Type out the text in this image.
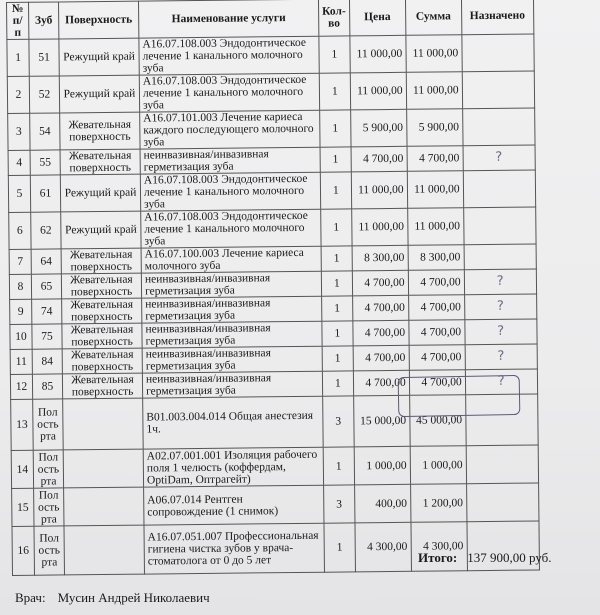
№ п/п	Зуб	Поверхность	Наименование услуги	Кол-во	Цена	Сумма	Назначено
1	51	Режущий край	A16.07.108.003 Эндодонтическое лечение 1 канального молочного зуба	1	11 000,00	11 000,00	
2	52	Режущий край	A16.07.108.003 Эндодонтическое лечение 1 канального молочного зуба	1	11 000,00	11 000,00	
3	54	Жевательная поверхность	A16.07.101.003 Лечение кариеса каждого последующего молочного зуба	1	5 900,00	5 900,00	
4	55	Жевательная поверхность	неинвазивная/инвазивная герметизация зуба	1	4 700,00	4 700,00	?
5	61	Режущий край	A16.07.108.003 Эндодонтическое лечение 1 канального молочного зуба	1	11 000,00	11 000,00	
6	62	Режущий край	A16.07.108.003 Эндодонтическое лечение 1 канального молочного зуба	1	11 000,00	11 000,00	
7	64	Жевательная поверхность	A16.07.100.003 Лечение кариеса молочного зуба	1	8 300,00	8 300,00	
8	65	Жевательная поверхность	неинвазивная/инвазивная герметизация зуба	1	4 700,00	4 700,00	?
9	74	Жевательная поверхность	неинвазивная/инвазивная герметизация зуба	1	4 700,00	4 700,00	?
10	75	Жевательная поверхность	неинвазивная/инвазивная герметизация зуба	1	4 700,00	4 700,00	?
11	84	Жевательная поверхность	неинвазивная/инвазивная герметизация зуба	1	4 700,00	4 700,00	?
12	85	Жевательная поверхность	неинвазивная/инвазивная герметизация зуба	1	4 700,00	4 700,00	?
13	Пол ость рта		B01.003.004.014 Общая анестезия 1ч.	3	15 000,00	45 000,00	
14	Пол ость рта		A02.07.001.001 Изоляция рабочего поля 1 челюсть (коффердам, OptiDam, Оптрагейт)	1	1 000,00	1 000,00	
15	Пол ость рта		A06.07.014 Рентген сопровождение (1 снимок)	3	400,00	1 200,00	
16	Пол ость рта		A16.07.051.007 Профессиональная гигиена чистка зубов у врача-стоматолога от 0 до 5 лет	1	4 300,00	4 300,00	
Итого: 137 900,00 руб.
Врач: Мусин Андрей Николаевич
